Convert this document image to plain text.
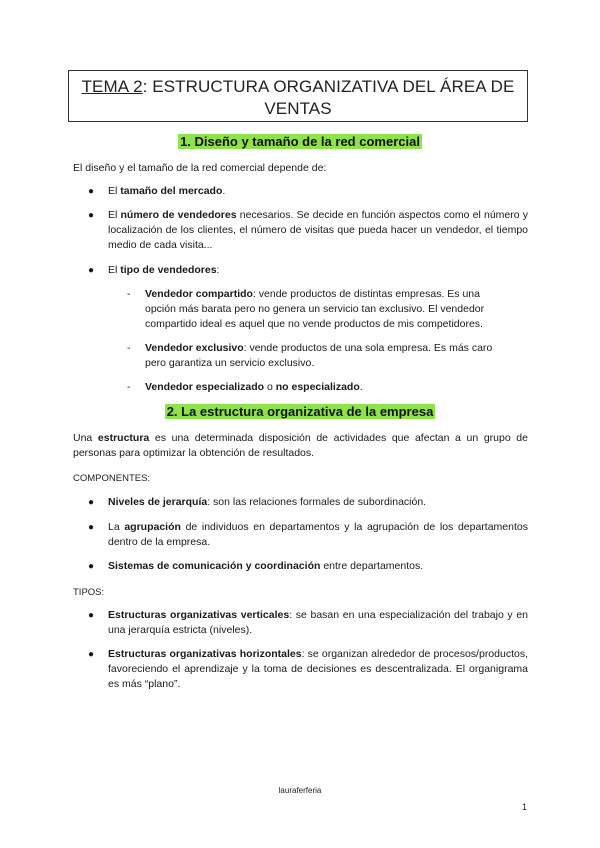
TEMA 2: ESTRUCTURA ORGANIZATIVA DEL ÁREA DE VENTAS
1. Diseño y tamaño de la red comercial
El diseño y el tamaño de la red comercial depende de:
● El tamaño del mercado.
● El número de vendedores necesarios. Se decide en función aspectos como el número y localización de los clientes, el número de visitas que pueda hacer un vendedor, el tiempo medio de cada visita...
● El tipo de vendedores:
- Vendedor compartido: vende productos de distintas empresas. Es una opción más barata pero no genera un servicio tan exclusivo. El vendedor compartido ideal es aquel que no vende productos de mis competidores.
- Vendedor exclusivo: vende productos de una sola empresa. Es más caro pero garantiza un servicio exclusivo.
- Vendedor especializado o no especializado.
2. La estructura organizativa de la empresa
Una estructura es una determinada disposición de actividades que afectan a un grupo de personas para optimizar la obtención de resultados.
COMPONENTES:
● Niveles de jerarquía: son las relaciones formales de subordinación.
● La agrupación de individuos en departamentos y la agrupación de los departamentos dentro de la empresa.
● Sistemas de comunicación y coordinación entre departamentos.
TIPOS:
● Estructuras organizativas verticales: se basan en una especialización del trabajo y en una jerarquía estricta (niveles).
● Estructuras organizativas horizontales: se organizan alrededor de procesos/productos, favoreciendo el aprendizaje y la toma de decisiones es descentralizada. El organigrama es más “plano”.
lauraferferia
1
